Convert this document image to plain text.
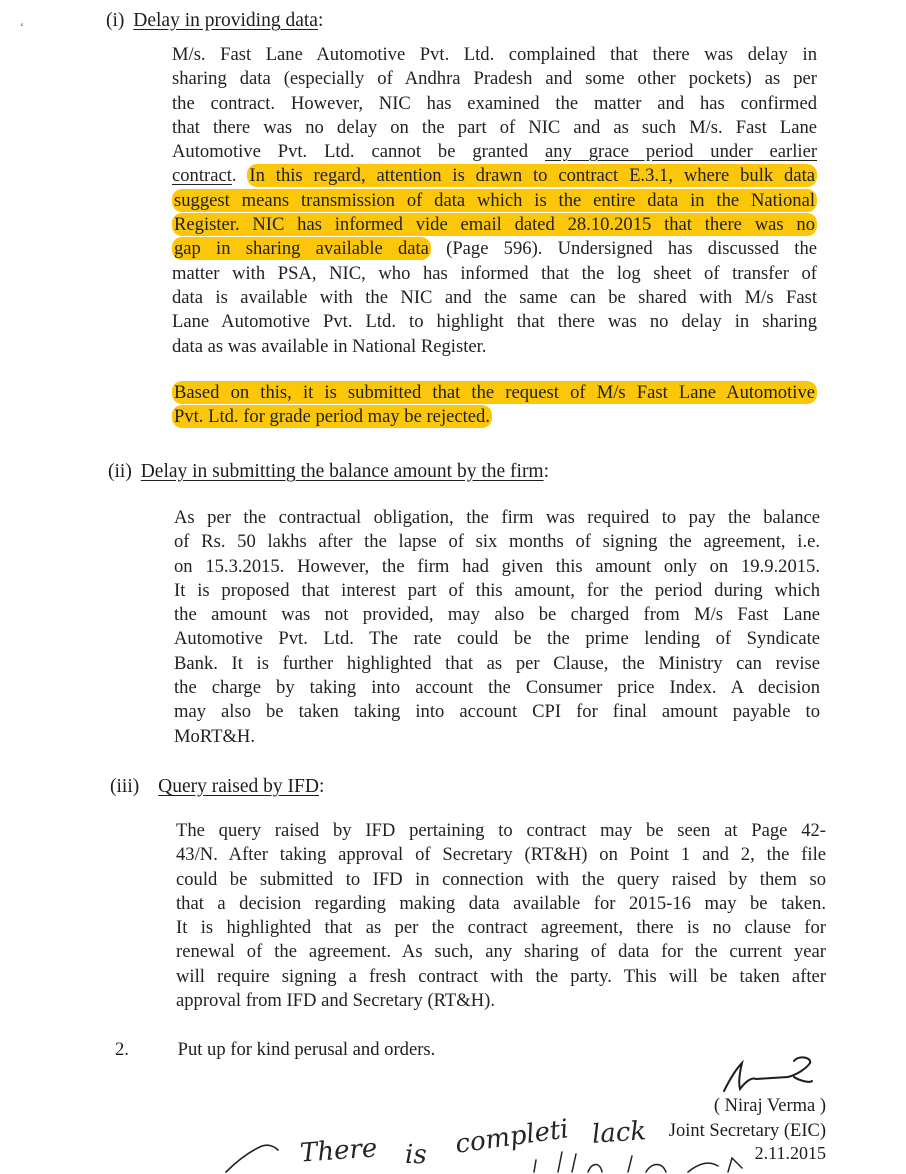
‘	(i) Delay in providing data:
M/s. Fast Lane Automotive Pvt. Ltd. complained that there was delay in
sharing data (especially of Andhra Pradesh and some other pockets) as per
the contract. However, NIC has examined the matter and has confirmed
that there was no delay on the part of NIC and as such M/s. Fast Lane
Automotive Pvt. Ltd. cannot be granted any grace period under earlier
contract. In this regard, attention is drawn to contract E.3.1, where bulk data
suggest means transmission of data which is the entire data in the National
Register. NIC has informed vide email dated 28.10.2015 that there was no
gap in sharing available data (Page 596). Undersigned has discussed the
matter with PSA, NIC, who has informed that the log sheet of transfer of
data is available with the NIC and the same can be shared with M/s Fast
Lane Automotive Pvt. Ltd. to highlight that there was no delay in sharing
data as was available in National Register.
Based on this, it is submitted that the request of M/s Fast Lane Automotive
Pvt. Ltd. for grade period may be rejected.
(ii) Delay in submitting the balance amount by the firm:
As per the contractual obligation, the firm was required to pay the balance
of Rs. 50 lakhs after the lapse of six months of signing the agreement, i.e.
on 15.3.2015. However, the firm had given this amount only on 19.9.2015.
It is proposed that interest part of this amount, for the period during which
the amount was not provided, may also be charged from M/s Fast Lane
Automotive Pvt. Ltd. The rate could be the prime lending of Syndicate
Bank. It is further highlighted that as per Clause, the Ministry can revise
the charge by taking into account the Consumer price Index. A decision
may also be taken taking into account CPI for final amount payable to
MoRT&H.
(iii) Query raised by IFD:
The query raised by IFD pertaining to contract may be seen at Page 42-
43/N. After taking approval of Secretary (RT&H) on Point 1 and 2, the file
could be submitted to IFD in connection with the query raised by them so
that a decision regarding making data available for 2015-16 may be taken.
It is highlighted that as per the contract agreement, there is no clause for
renewal of the agreement. As such, any sharing of data for the current year
will require signing a fresh contract with the party. This will be taken after
approval from IFD and Secretary (RT&H).
2.	Put up for kind perusal and orders.
( Niraj Verma )
Joint Secretary (EIC)
2.11.2015
There is completi lack
